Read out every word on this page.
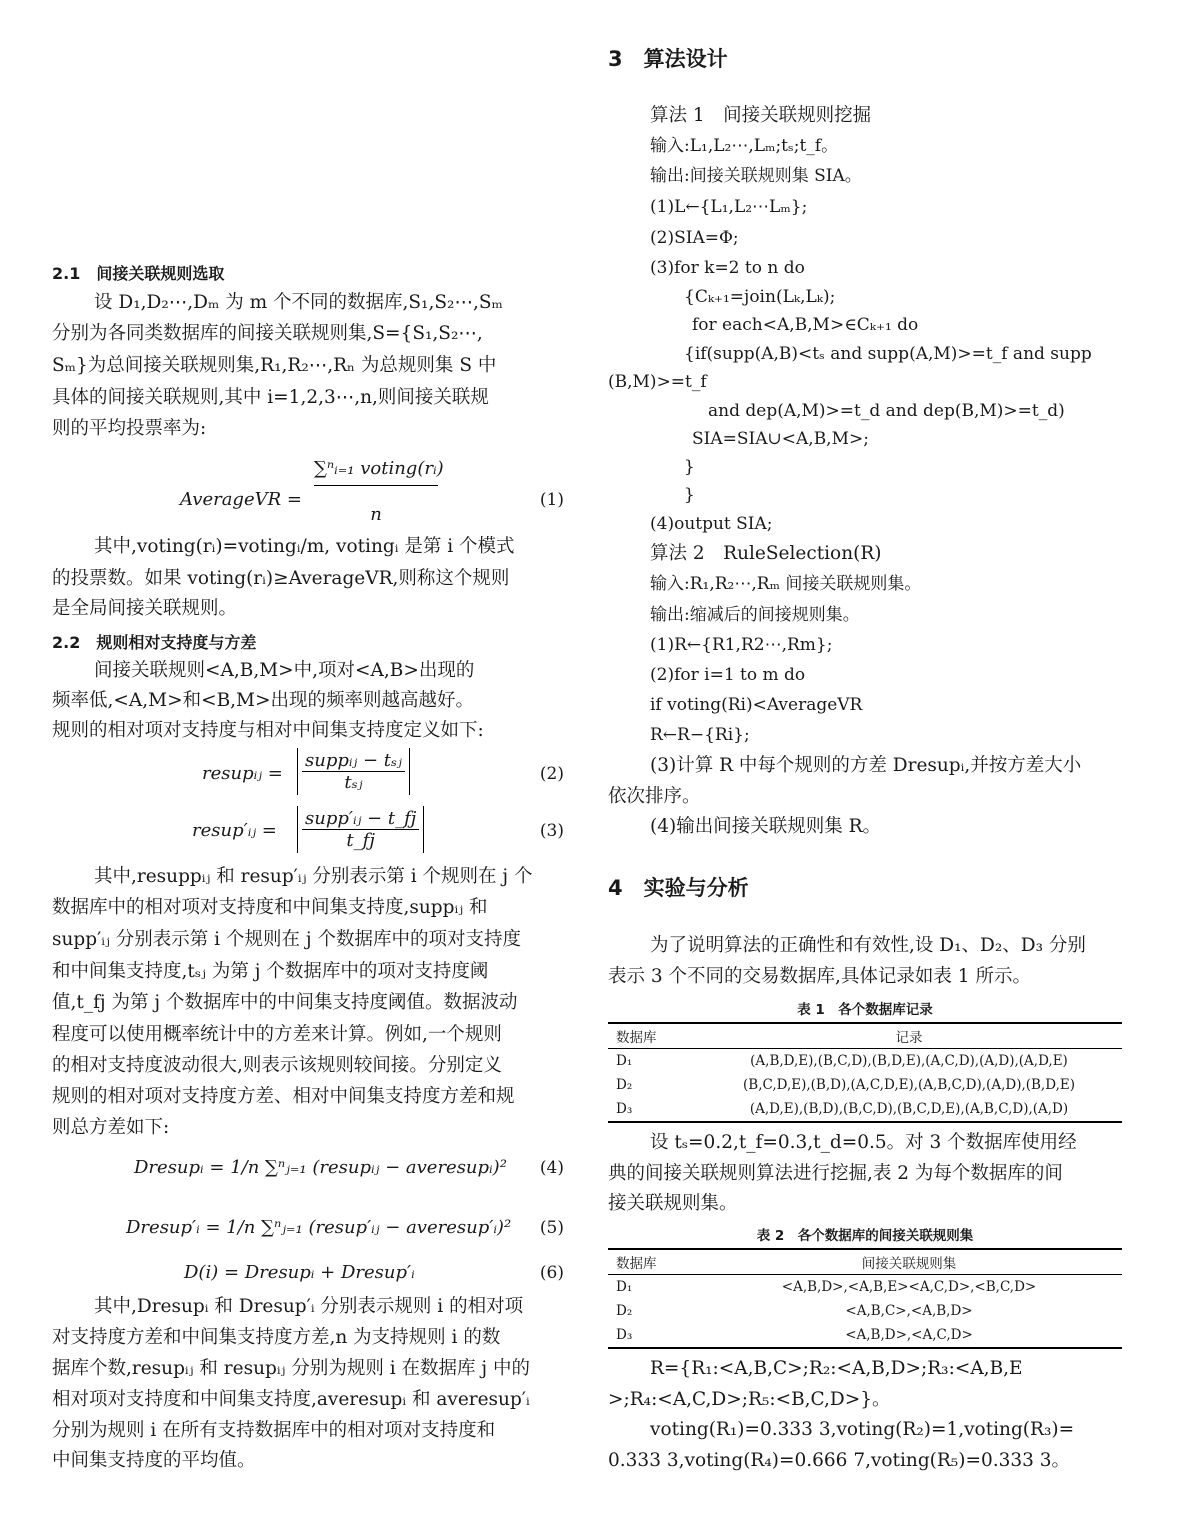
2.1　间接关联规则选取
设 D₁,D₂⋯,Dₘ 为 m 个不同的数据库,S₁,S₂⋯,Sₘ
分别为各同类数据库的间接关联规则集,S={S₁,S₂⋯,
Sₘ}为总间接关联规则集,R₁,R₂⋯,Rₙ 为总规则集 S 中
具体的间接关联规则,其中 i=1,2,3⋯,n,则间接关联规
则的平均投票率为:
AverageVR =
∑ⁿᵢ₌₁ voting(rᵢ)
n
(1)
其中,voting(rᵢ)=votingᵢ/m, votingᵢ 是第 i 个模式
的投票数。如果 voting(rᵢ)≥AverageVR,则称这个规则
是全局间接关联规则。
2.2　规则相对支持度与方差
间接关联规则<A,B,M>中,项对<A,B>出现的
频率低,<A,M>和<B,M>出现的频率则越高越好。
规则的相对项对支持度与相对中间集支持度定义如下:
resupᵢⱼ = $\frac{\text{suppᵢⱼ − tₛⱼ}}{\text{tₛⱼ}}$	(2)
resup′ᵢⱼ = $\frac{\text{supp′ᵢⱼ − t\_fj}}{t\_fj}$	(3)
其中,resuppᵢⱼ 和 resup′ᵢⱼ 分别表示第 i 个规则在 j 个
数据库中的相对项对支持度和中间集支持度,suppᵢⱼ 和
supp′ᵢⱼ 分别表示第 i 个规则在 j 个数据库中的项对支持度
和中间集支持度,tₛⱼ 为第 j 个数据库中的项对支持度阈
值,t_fj 为第 j 个数据库中的中间集支持度阈值。数据波动
程度可以使用概率统计中的方差来计算。例如,一个规则
的相对支持度波动很大,则表示该规则较间接。分别定义
规则的相对项对支持度方差、相对中间集支持度方差和规
则总方差如下:
Dresupᵢ = 1/n ∑ⁿⱼ₌₁ (resupᵢⱼ − averesupᵢ)² (4)
Dresup′ᵢ = 1/n ∑ⁿⱼ₌₁ (resup′ᵢⱼ − averesup′ᵢ)² (5)
D(i) = Dresupᵢ + Dresup′ᵢ	(6)
其中,Dresupᵢ 和 Dresup′ᵢ 分别表示规则 i 的相对项
对支持度方差和中间集支持度方差,n 为支持规则 i 的数
据库个数,resupᵢⱼ 和 resupᵢⱼ 分别为规则 i 在数据库 j 中的
相对项对支持度和中间集支持度,averesupᵢ 和 averesup′ᵢ
分别为规则 i 在所有支持数据库中的相对项对支持度和
中间集支持度的平均值。
3　算法设计
算法 1　间接关联规则挖掘
输入:L₁,L₂⋯,Lₘ;tₛ;t_f。
输出:间接关联规则集 SIA。
(1)L←{L₁,L₂⋯Lₘ};
(2)SIA=Φ;
(3)for k=2 to n do
{Cₖ₊₁=join(Lₖ,Lₖ);
for each<A,B,M>∈Cₖ₊₁ do
{if(supp(A,B)<tₛ and supp(A,M)>=t_f and supp
(B,M)>=t_f
and dep(A,M)>=t_d and dep(B,M)>=t_d)
SIA=SIA∪<A,B,M>;
}
}
(4)output SIA;
算法 2　RuleSelection(R)
输入:R₁,R₂⋯,Rₘ 间接关联规则集。
输出:缩减后的间接规则集。
(1)R←{R1,R2⋯,Rm};
(2)for i=1 to m do
if voting(Ri)<AverageVR
R←R−{Ri};
(3)计算 R 中每个规则的方差 Dresupᵢ,并按方差大小
依次排序。
(4)输出间接关联规则集 R。
4　实验与分析
为了说明算法的正确性和有效性,设 D₁、D₂、D₃ 分别
表示 3 个不同的交易数据库,具体记录如表 1 所示。
表 1　各个数据库记录
数据库	记录
D₁	(A,B,D,E),(B,C,D),(B,D,E),(A,C,D),(A,D),(A,D,E)
D₂	(B,C,D,E),(B,D),(A,C,D,E),(A,B,C,D),(A,D),(B,D,E)
D₃	(A,D,E),(B,D),(B,C,D),(B,C,D,E),(A,B,C,D),(A,D)
设 tₛ=0.2,t_f=0.3,t_d=0.5。对 3 个数据库使用经
典的间接关联规则算法进行挖掘,表 2 为每个数据库的间
接关联规则集。
表 2　各个数据库的间接关联规则集
数据库	间接关联规则集
D₁	<A,B,D>,<A,B,E><A,C,D>,<B,C,D>
D₂	<A,B,C>,<A,B,D>
D₃	<A,B,D>,<A,C,D>
R={R₁:<A,B,C>;R₂:<A,B,D>;R₃:<A,B,E
>;R₄:<A,C,D>;R₅:<B,C,D>}。
voting(R₁)=0.333 3,voting(R₂)=1,voting(R₃)=
0.333 3,voting(R₄)=0.666 7,voting(R₅)=0.333 3。
